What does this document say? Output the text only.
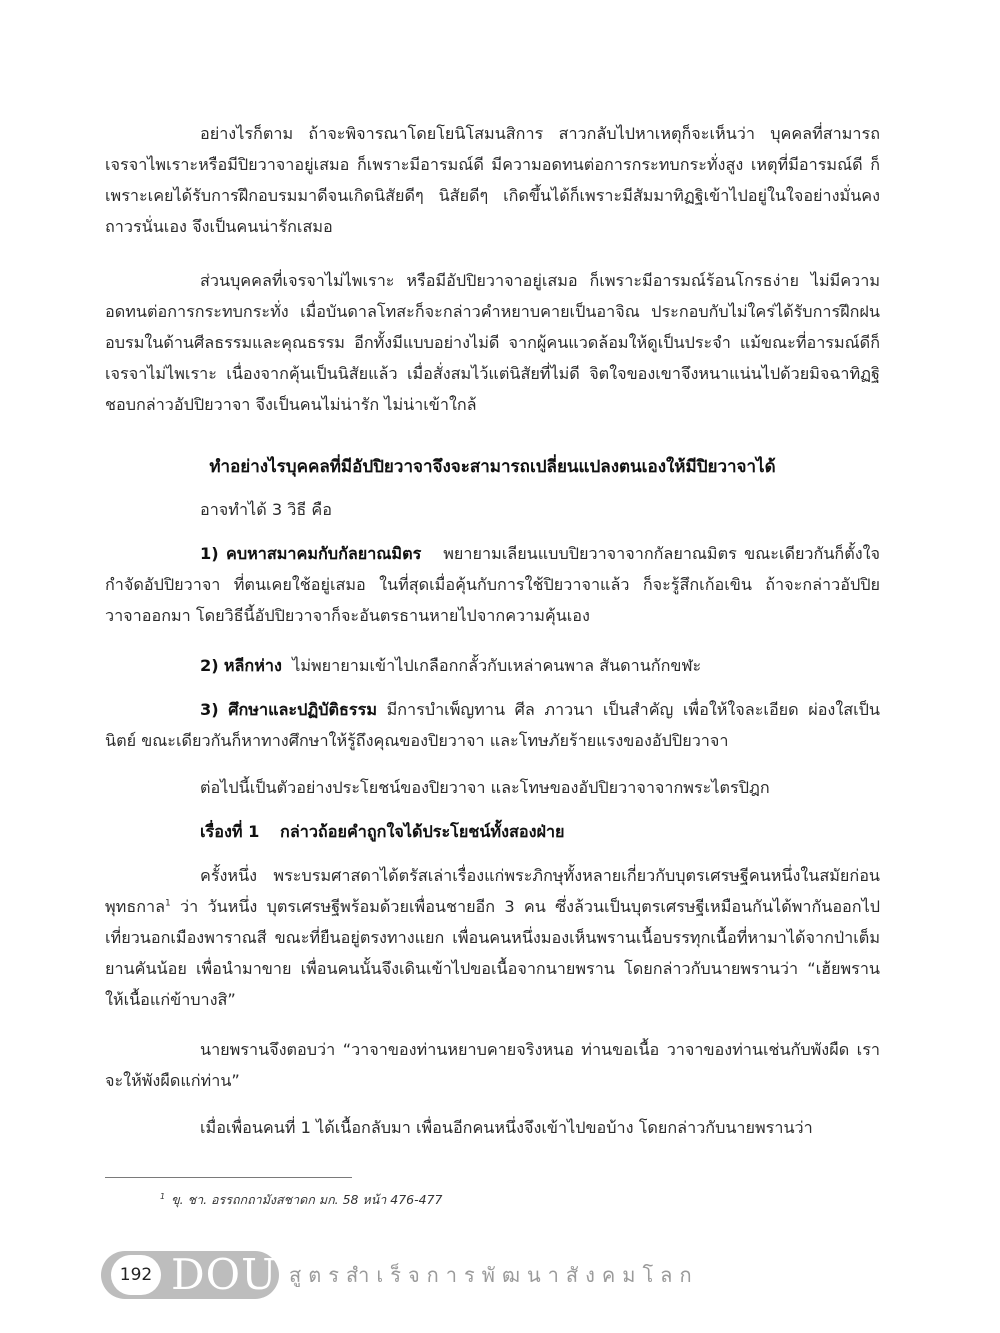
อย่างไรก็ตาม ถ้าจะพิจารณาโดยโยนิโสมนสิการ สาวกลับไปหาเหตุก็จะเห็นว่า บุคคลที่สามารถเจรจาไพเราะหรือมีปิยวาจาอยู่เสมอ ก็เพราะมีอารมณ์ดี มีความอดทนต่อการกระทบกระทั่งสูง เหตุที่มีอารมณ์ดี ก็เพราะเคยได้รับการฝึกอบรมมาดีจนเกิดนิสัยดีๆ นิสัยดีๆ เกิดขึ้นได้ก็เพราะมีสัมมาทิฏฐิเข้าไปอยู่ในใจอย่างมั่นคงถาวรนั่นเอง จึงเป็นคนน่ารักเสมอ

ส่วนบุคคลที่เจรจาไม่ไพเราะ หรือมีอัปปิยวาจาอยู่เสมอ ก็เพราะมีอารมณ์ร้อนโกรธง่าย ไม่มีความอดทนต่อการกระทบกระทั่ง เมื่อบันดาลโทสะก็จะกล่าวคำหยาบคายเป็นอาจิณ ประกอบกับไม่ใคร่ได้รับการฝึกฝนอบรมในด้านศีลธรรมและคุณธรรม อีกทั้งมีแบบอย่างไม่ดี จากผู้คนแวดล้อมให้ดูเป็นประจำ แม้ขณะที่อารมณ์ดีก็เจรจาไม่ไพเราะ เนื่องจากคุ้นเป็นนิสัยแล้ว เมื่อสั่งสมไว้แต่นิสัยที่ไม่ดี จิตใจของเขาจึงหนาแน่นไปด้วยมิจฉาทิฏฐิ ชอบกล่าวอัปปิยวาจา จึงเป็นคนไม่น่ารัก ไม่น่าเข้าใกล้

ทำอย่างไรบุคคลที่มีอัปปิยวาจาจึงจะสามารถเปลี่ยนแปลงตนเองให้มีปิยวาจาได้

อาจทำได้ 3 วิธี คือ

1) คบหาสมาคมกับกัลยาณมิตร พยายามเลียนแบบปิยวาจาจากกัลยาณมิตร ขณะเดียวกันก็ตั้งใจกำจัดอัปปิยวาจา ที่ตนเคยใช้อยู่เสมอ ในที่สุดเมื่อคุ้นกับการใช้ปิยวาจาแล้ว ก็จะรู้สึกเก้อเขิน ถ้าจะกล่าวอัปปิยวาจาออกมา โดยวิธีนี้อัปปิยวาจาก็จะอันตรธานหายไปจากความคุ้นเอง

2) หลีกห่าง ไม่พยายามเข้าไปเกลือกกลั้วกับเหล่าคนพาล สันดานกักขฬะ

3) ศึกษาและปฏิบัติธรรม มีการบำเพ็ญทาน ศีล ภาวนา เป็นสำคัญ เพื่อให้ใจละเอียด ผ่องใสเป็นนิตย์ ขณะเดียวกันก็หาทางศึกษาให้รู้ถึงคุณของปิยวาจา และโทษภัยร้ายแรงของอัปปิยวาจา

ต่อไปนี้เป็นตัวอย่างประโยชน์ของปิยวาจา และโทษของอัปปิยวาจาจากพระไตรปิฎก

เรื่องที่ 1 กล่าวถ้อยคำถูกใจได้ประโยชน์ทั้งสองฝ่าย

ครั้งหนึ่ง พระบรมศาสดาได้ตรัสเล่าเรื่องแก่พระภิกษุทั้งหลายเกี่ยวกับบุตรเศรษฐีคนหนึ่งในสมัยก่อนพุทธกาล$^1$ ว่า วันหนึ่ง บุตรเศรษฐีพร้อมด้วยเพื่อนชายอีก 3 คน ซึ่งล้วนเป็นบุตรเศรษฐีเหมือนกันได้พากันออกไปเที่ยวนอกเมืองพาราณสี ขณะที่ยืนอยู่ตรงทางแยก เพื่อนคนหนึ่งมองเห็นพรานเนื้อบรรทุกเนื้อที่หามาได้จากป่าเต็มยานคันน้อย เพื่อนำมาขาย เพื่อนคนนั้นจึงเดินเข้าไปขอเนื้อจากนายพราน โดยกล่าวกับนายพรานว่า “เฮ้ยพราน ให้เนื้อแก่ข้าบางสิ”

นายพรานจึงตอบว่า “วาจาของท่านหยาบคายจริงหนอ ท่านขอเนื้อ วาจาของท่านเช่นกับพังผืด เราจะให้พังผืดแก่ท่าน”

เมื่อเพื่อนคนที่ 1 ได้เนื้อกลับมา เพื่อนอีกคนหนึ่งจึงเข้าไปขอบ้าง โดยกล่าวกับนายพรานว่า

$^1$ ขุ. ชา. อรรถกถามังสชาดก มก. 58 หน้า 476-477
192 DOU สูตรสำเร็จการพัฒนาสังคมโลก
